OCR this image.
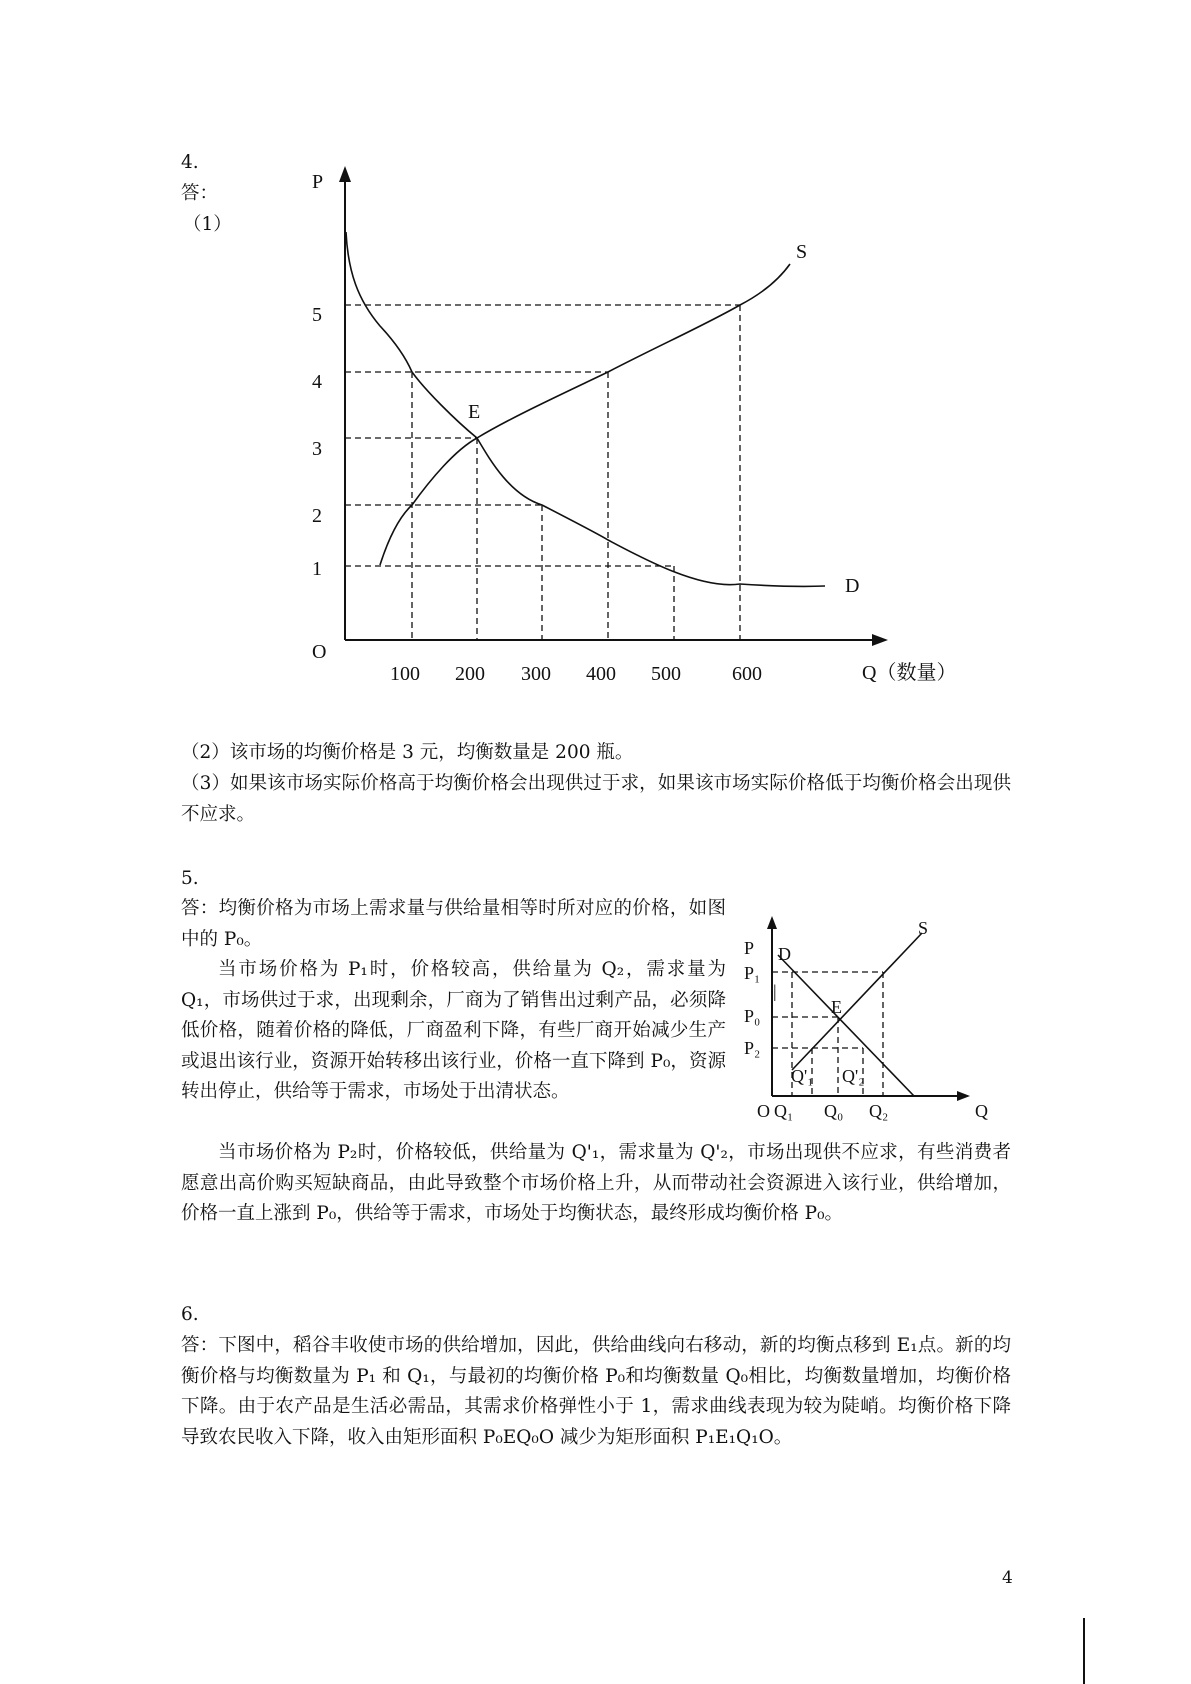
4.
答：
（1）
P
O
Q（数量）
S
D
E
5
4
3
2
1
100 200 300 400 500	600
（2）该市场的均衡价格是 3 元，均衡数量是 200 瓶。
（3）如果该市场实际价格高于均衡价格会出现供过于求，如果该市场实际价格低于均衡价格会出现供不应求。
5.
答：均衡价格为市场上需求量与供给量相等时所对应的价格，如图中的 P₀。
当市场价格为 P₁时，价格较高，供给量为 Q₂，需求量为 Q₁，市场供过于求，出现剩余，厂商为了销售出过剩产品，必须降低价格，随着价格的降低，厂商盈利下降，有些厂商开始减少生产或退出该行业，资源开始转移出该行业，价格一直下降到 P₀，资源转出停止，供给等于需求，市场处于出清状态。
当市场价格为 P₂时，价格较低，供给量为 Q'₁，需求量为 Q'₂，市场出现供不应求，有些消费者愿意出高价购买短缺商品，由此导致整个市场价格上升，从而带动社会资源进入该行业，供给增加，价格一直上涨到 P₀，供给等于需求，市场处于均衡状态，最终形成均衡价格 P₀。
P D
S
E
P₁
P₀
P₂
|
Q'₁ Q'₂
O Q₁ Q₀ Q₂	Q
6.
答：下图中，稻谷丰收使市场的供给增加，因此，供给曲线向右移动，新的均衡点移到 E₁点。新的均衡价格与均衡数量为 P₁ 和 Q₁，与最初的均衡价格 P₀和均衡数量 Q₀相比，均衡数量增加，均衡价格下降。由于农产品是生活必需品，其需求价格弹性小于 1，需求曲线表现为较为陡峭。均衡价格下降导致农民收入下降，收入由矩形面积 P₀EQ₀O 减少为矩形面积 P₁E₁Q₁O。
4
